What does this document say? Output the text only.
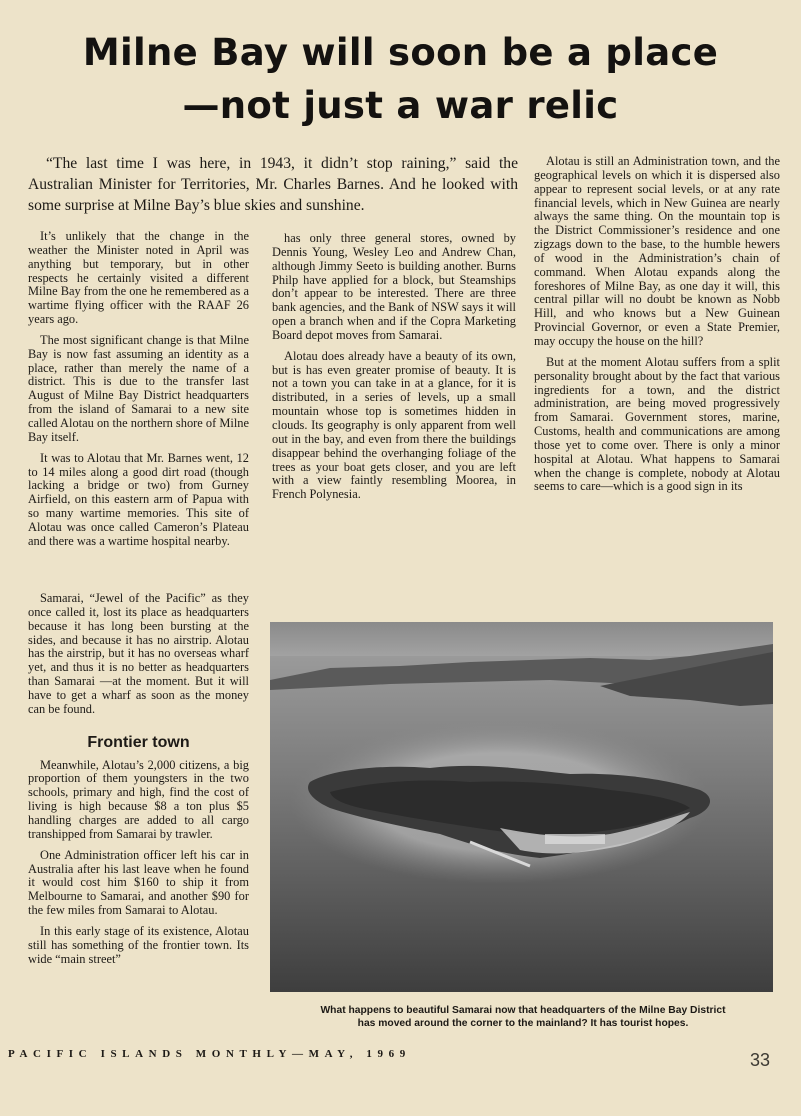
Milne Bay will soon be a place
—not just a war relic

“The last time I was here, in 1943, it didn’t stop raining,” said the Australian Minister for Territories, Mr. Charles Barnes. And he looked with some surprise at Milne Bay’s blue skies and sunshine.

It’s unlikely that the change in the weather the Minister noted in April was anything but temporary, but in other respects he certainly visited a different Milne Bay from the one he remembered as a wartime flying officer with the RAAF 26 years ago.

The most significant change is that Milne Bay is now fast assuming an identity as a place, rather than merely the name of a district. This is due to the transfer last August of Milne Bay District headquarters from the island of Samarai to a new site called Alotau on the northern shore of Milne Bay itself.

It was to Alotau that Mr. Barnes went, 12 to 14 miles along a good dirt road (though lacking a bridge or two) from Gurney Airfield, on this eastern arm of Papua with so many wartime memories. This site of Alotau was once called Cameron’s Plateau and there was a wartime hospital nearby.

Samarai, “Jewel of the Pacific” as they once called it, lost its place as headquarters because it has long been bursting at the sides, and because it has no airstrip. Alotau has the airstrip, but it has no overseas wharf yet, and thus it is no better as headquarters than Samarai —at the moment. But it will have to get a wharf as soon as the money can be found.

Frontier town

Meanwhile, Alotau’s 2,000 citizens, a big proportion of them youngsters in the two schools, primary and high, find the cost of living is high because $8 a ton plus $5 handling charges are added to all cargo transhipped from Samarai by trawler.

One Administration officer left his car in Australia after his last leave when he found it would cost him $160 to ship it from Melbourne to Samarai, and another $90 for the few miles from Samarai to Alotau.

In this early stage of its existence, Alotau still has something of the frontier town. Its wide “main street”

has only three general stores, owned by Dennis Young, Wesley Leo and Andrew Chan, although Jimmy Seeto is building another. Burns Philp have applied for a block, but Steamships don’t appear to be interested. There are three bank agencies, and the Bank of NSW says it will open a branch when and if the Copra Marketing Board depot moves from Samarai.

Alotau does already have a beauty of its own, but is has even greater promise of beauty. It is not a town you can take in at a glance, for it is distributed, in a series of levels, up a small mountain whose top is sometimes hidden in clouds. Its geography is only apparent from well out in the bay, and even from there the buildings disappear behind the overhanging foliage of the trees as your boat gets closer, and you are left with a view faintly resembling Moorea, in French Polynesia.

Alotau is still an Administration town, and the geographical levels on which it is dispersed also appear to represent social levels, or at any rate financial levels, which in New Guinea are nearly always the same thing. On the mountain top is the District Commissioner’s residence and one zigzags down to the base, to the humble hewers of wood in the Administration’s chain of command. When Alotau expands along the foreshores of Milne Bay, as one day it will, this central pillar will no doubt be known as Nobb Hill, and who knows but a New Guinean Provincial Governor, or even a State Premier, may occupy the house on the hill?

But at the moment Alotau suffers from a split personality brought about by the fact that various ingredients for a town, and the district administration, are being moved progressively from Samarai. Government stores, marine, Customs, health and communications are among those yet to come over. There is only a minor hospital at Alotau. What happens to Samarai when the change is complete, nobody at Alotau seems to care—which is a good sign in its

What happens to beautiful Samarai now that headquarters of the Milne Bay District
has moved around the corner to the mainland? It has tourist hopes.
PACIFIC ISLANDS MONTHLY—MAY, 1969	33
